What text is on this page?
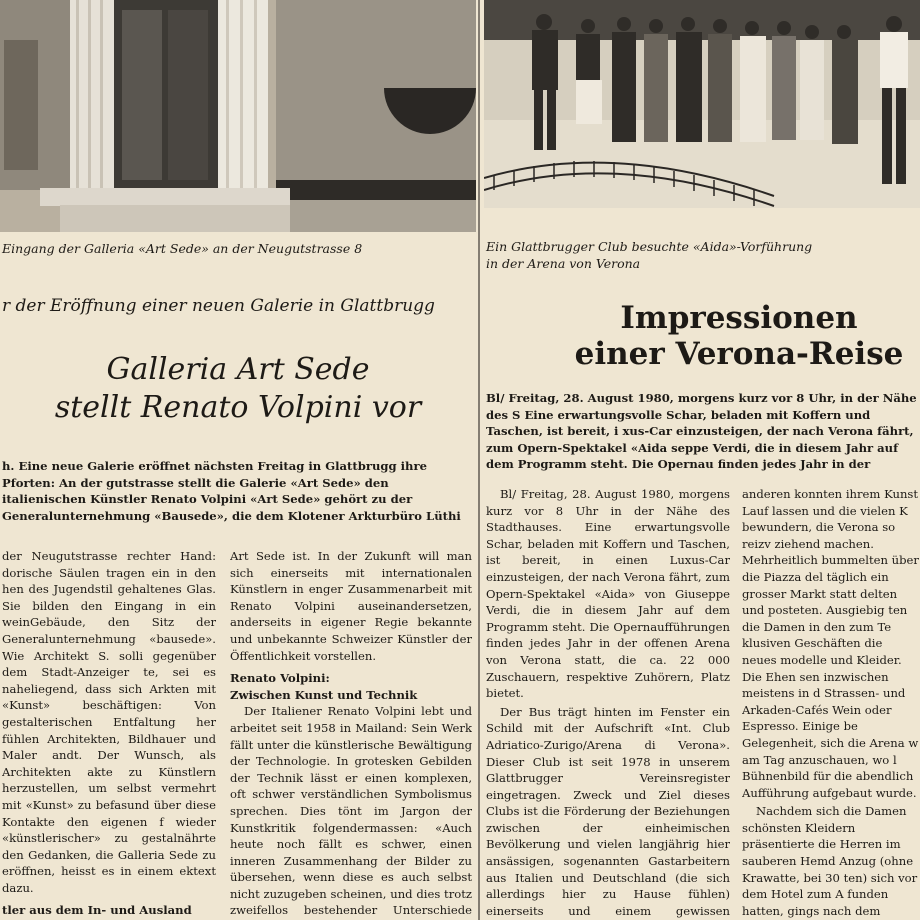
Eingang der Galleria «Art Sede» an der Neugutstrasse 8	Ein Glattbrugger Club besuchte «Aida»-Vorführung
in der Arena von Verona
r der Eröffnung einer neuen Galerie in Glattbrugg
Galleria Art Sede
stellt Renato Volpini vor
h. Eine neue Galerie eröffnet nächsten Freitag in Glattbrugg ihre Pforten: An der gutstrasse stellt die Galerie «Art Sede» den italienischen Künstler Renato Volpini «Art Sede» gehört zu der Generalunternehmung «Bausede», die dem Klotener Arkturbüro Lüthi

der Neugutstrasse rechter Hand: dorische Säulen tragen ein in den hen des Jugendstil gehaltenes Glas. Sie bilden den Eingang in ein weinGebäude, den Sitz der Generalunternehmung «bausede». Wie Architekt S. solli gegenüber dem Stadt-Anzeiger te, sei es naheliegend, dass sich Arkten mit «Kunst» beschäftigen: Von gestalterischen Entfaltung her fühlen Architekten, Bildhauer und Maler andt. Der Wunsch, als Architekten akte zu Künstlern herzustellen, um selbst vermehrt mit «Kunst» zu befasund über diese Kontakte den eigenen f wieder «künstlerischer» zu gestalnährte den Gedanken, die Galleria Sede zu eröffnen, heisst es in einem ektext dazu.

tler aus dem In- und Ausland

Art Sede ist. In der Zukunft will man sich einerseits mit internationalen Künstlern in enger Zusammenarbeit mit Renato Volpini auseinandersetzen, anderseits in eigener Regie bekannte und unbekannte Schweizer Künstler der Öffentlichkeit vorstellen.

Renato Volpini:

Zwischen Kunst und Technik

Der Italiener Renato Volpini lebt und arbeitet seit 1958 in Mailand: Sein Werk fällt unter die künstlerische Bewältigung der Technologie. In grotesken Gebilden der Technik lässt er einen komplexen, oft schwer verständlichen Symbolismus sprechen. Dies tönt im Jargon der Kunstkritik folgendermassen: «Auch heute noch fällt es schwer, einen inneren Zusammenhang der Bilder zu übersehen, wenn diese es auch selbst nicht zuzugeben scheinen, und dies trotz zweifellos bestehender Unterschiede

Impressionen
einer Verona-Reise
Bl/ Freitag, 28. August 1980, morgens kurz vor 8 Uhr, in der Nähe des S Eine erwartungsvolle Schar, beladen mit Koffern und Taschen, ist bereit, i xus-Car einzusteigen, der nach Verona fährt, zum Opern-Spektakel «Aida seppe Verdi, die in diesem Jahr auf dem Programm steht. Die Opernau finden jedes Jahr in der

Bl/ Freitag, 28. August 1980, morgens kurz vor 8 Uhr in der Nähe des Stadthauses. Eine erwartungsvolle Schar, beladen mit Koffern und Taschen, ist bereit, in einen Luxus-Car einzusteigen, der nach Verona fährt, zum Opern-Spektakel «Aida» von Giuseppe Verdi, die in diesem Jahr auf dem Programm steht. Die Opernaufführungen finden jedes Jahr in der offenen Arena von Verona statt, die ca. 22 000 Zuschauern, respektive Zuhörern, Platz bietet.

Der Bus trägt hinten im Fenster ein Schild mit der Aufschrift «Int. Club Adriatico-Zurigo/Arena di Verona». Dieser Club ist seit 1978 in unserem Glattbrugger Vereinsregister eingetragen. Zweck und Ziel dieses Clubs ist die Förderung der Beziehungen zwischen der einheimischen Bevölkerung und vielen langjährig hier ansässigen, sogenannten Gastarbeitern aus Italien und Deutschland (die sich allerdings hier zu Hause fühlen) einerseits und einem gewissen

anderen konnten ihrem Kunst Lauf lassen und die vielen K bewundern, die Verona so reizv ziehend machen. Mehrheitlich bummelten über die Piazza del täglich ein grosser Markt statt delten und posteten. Ausgiebig ten die Damen in den zum Te klusiven Geschäften die neues modelle und Kleider. Die Ehen sen inzwischen meistens in d Strassen- und Arkaden-Cafés Wein oder Espresso. Einige be Gelegenheit, sich die Arena w am Tag anzuschauen, wo l Bühnenbild für die abendlich Aufführung aufgebaut wurde.

Nachdem sich die Damen schönsten Kleidern präsentierte die Herren im sauberen Hemd Anzug (ohne Krawatte, bei 30 ten) sich vor dem Hotel zum A funden hatten, gings nach dem
